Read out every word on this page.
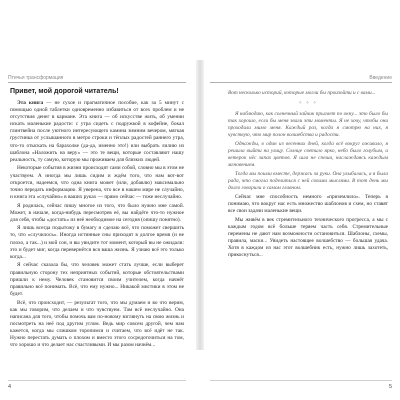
Птичья трансформация
Привет, мой дорогой читатель!

Эта книга — не сухое и прагматичное пособие, как за 5 минут с помощью одной таблетки одновременно избавиться от всех проблем и не отсутствия денег в кармане. Эта книга — об искусстве жить, об умении искать маленькие радости: с утра сидеть с подружкой в кофейне, бокал глинтвейна после уютного интересующего камина зимним вечером, мягкая грустинка от услышанного в метро строки и тёплых радостей раннего утра, что-то отыскать на барахолке (да-да, именно это!) или выбрать лилию из шаблона «Наложить на веру» — это те вещи, которые составляют нашу реальность, ту самую, которую мы проживаем для близких людей.

Некоторые события в жизни происходят сами собой, словно мы в этом не участвуем. А иногда мы лишь сидим и ждём того, что нам вот-вот откроется, надеемся, что одна книга может (или, добавлю) максимально точно передать информацию. Я уверена, что все в нашем мире не случайно, и книга эта «случайно» в ваших руках — прямо сейчас — тоже неслучайно.

Я родилась, сейчас пишу многое из того, что было нужно мне самой. Может, в начале, когда-нибудь пересмотрев её, вы найдёте что-то нужное для себя, чтобы «достать» из неё необходимое на сегодня (опишу понятно).

Я лишь всегда подытожу в бумагу и сделаю всё, что поможет свершить то, что «случилось». Иногда истинные сны приходят в долгое время (и не плохо, а так...) и мой сон, и вы увидите тот момент, который вы не ожидали: это и будет миг, когда перевернётся вся ваша жизнь. Я узнаю всё это только когда...

Я сейчас сказала бы, что человек может стать лучше, если выберет правильную сторону тех неприятных событий, которые обстоятельствами пришли к нему. Человек становится своим учителем, когда начнёт правильно всё понимать. Всё, что ему нужно... Никакой мистики в этом не будет.

Всё, что происходит, — результат того, что мы думаем и во что верим, как мы говорим, что делаем и что чувствуем. Там всё неслучайно. Она написана для того, чтобы помочь вам по-новому взглянуть на свою жизнь и посмотреть на неё под другим углом. Ведь мир совсем другой, чем нам кажется, когда мы слишком торопимся и считаем, что всё идёт не так. Нужно перестать думать о плохом и вместо этого сосредоточиться на том, что хорошо и что делает нас счастливыми. И мы разом начнём...

4
Введение

Вот несколько историй, которые могли бы произойти и с вами...

✧ ✧ ✧

Я наблюдаю, как солнечный зайчик прыгает по окну... это было бы так хорошо, если бы меня звали эти моменты. Я не хочу, чтобы они проходили мимо меня. Каждый раз, когда я смотрю на них, я чувствую, что мир полон волшебства и радости.

Однажды, в один из весенних дней, когда всё вокруг оживало, я решила выйти на улицу. Солнце светило ярко, небо было голубым, а ветерок нёс запах цветов. Я шла не спеша, наслаждаясь каждым мгновением.

Тогда мы пошли вместе, держась за руки. Она улыбалась, а я была рада, что смогла поделиться с ней своими мыслями. В тот день мы долго говорили о самом главном.

Сейчас мне способность немного «приземлило». Теперь я понимаю, что вокруг нас есть множество шаблонов и схем, но ставят все свои задачи маленькие вещи.

Мы живём в век стремительного технического прогресса, а мы с каждым годом всё больше теряем часть себя. Стремительные перемены не дают нам возможности остановиться. Шаблоны, схемы, правила, маски... Увидеть настоящее волшебство — большая удача. Хотя в каждом из нас этот волшебник есть, нужно лишь захотеть, прикоснуться...

5
